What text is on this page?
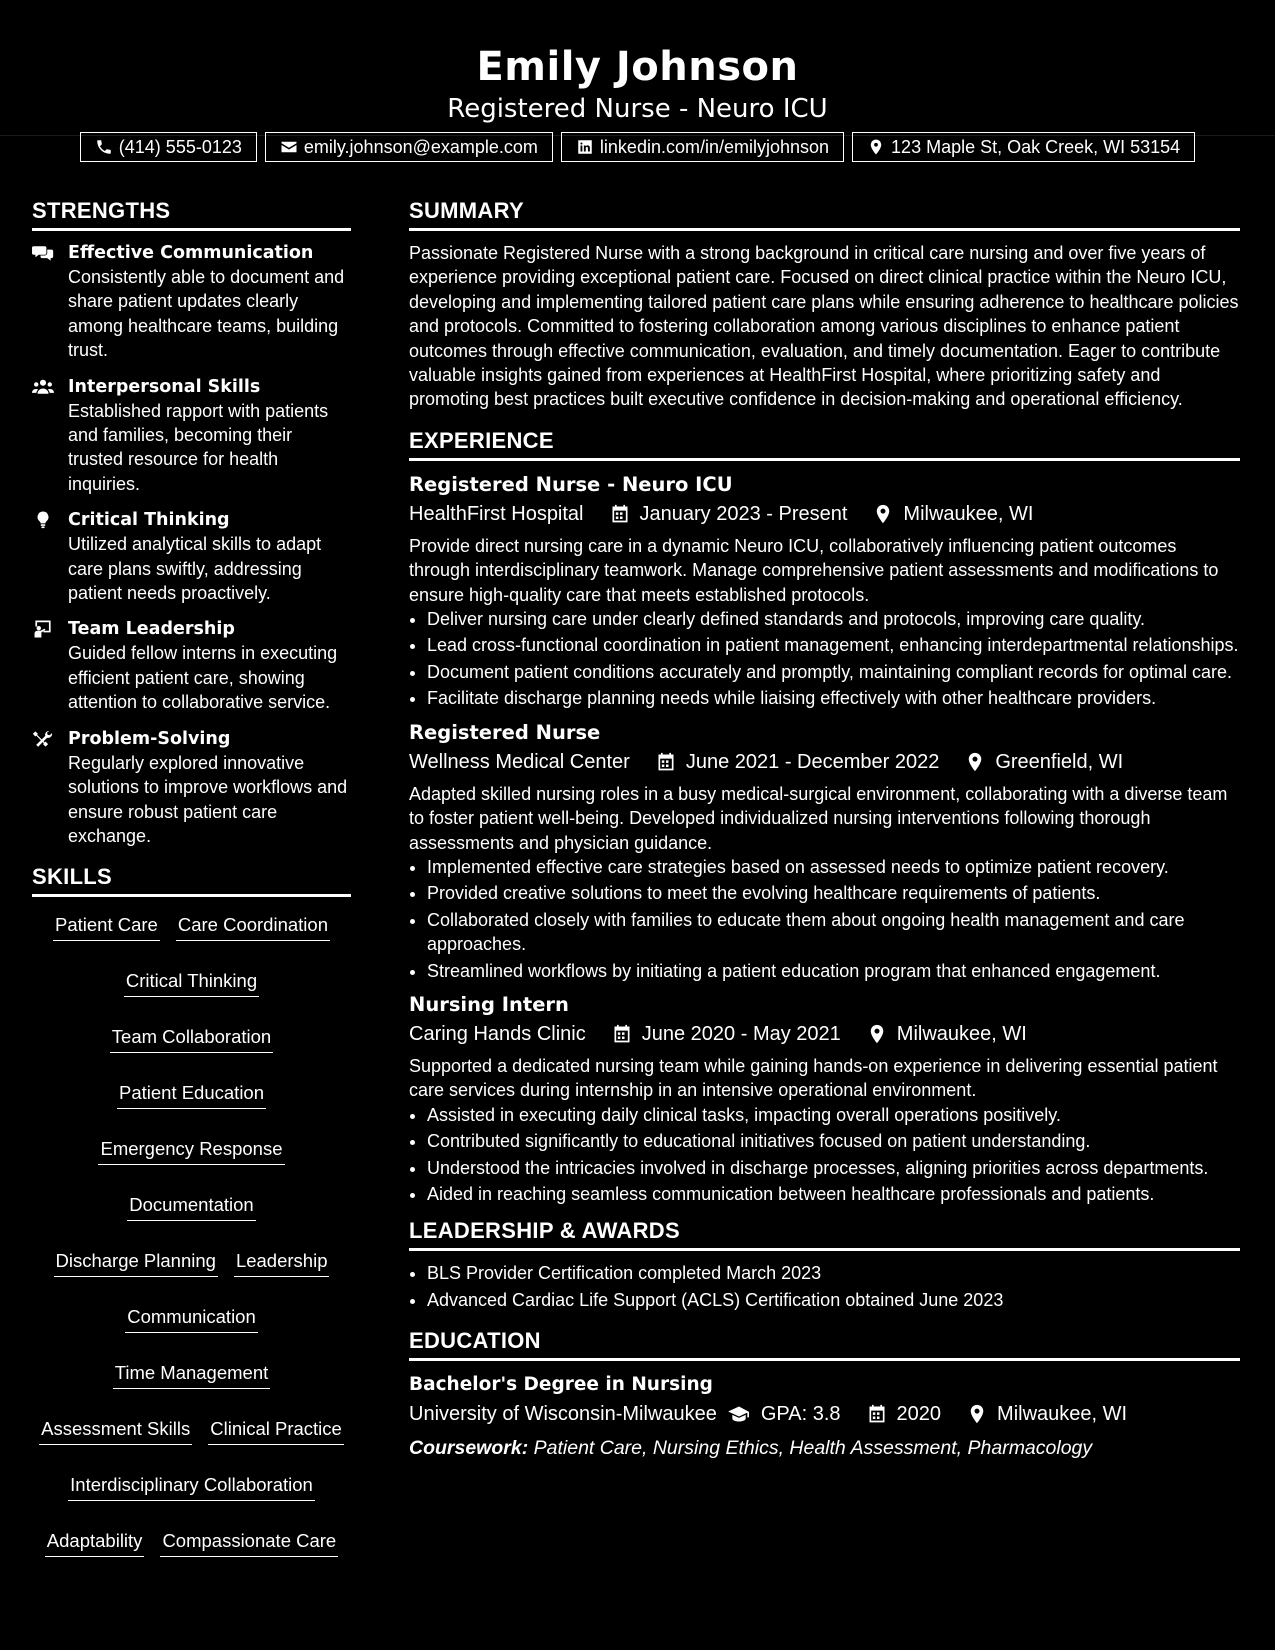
Emily Johnson
Registered Nurse - Neuro ICU
(414) 555-0123	emily.johnson@example.com	linkedin.com/in/emilyjohnson	123 Maple St, Oak Creek, WI 53154
STRENGTHS
Effective Communication
Consistently able to document and share patient updates clearly among healthcare teams, building trust.
Interpersonal Skills
Established rapport with patients and families, becoming their trusted resource for health inquiries.
Critical Thinking
Utilized analytical skills to adapt care plans swiftly, addressing patient needs proactively.
Team Leadership
Guided fellow interns in executing efficient patient care, showing attention to collaborative service.
Problem-Solving
Regularly explored innovative solutions to improve workflows and ensure robust patient care exchange.
SKILLS
Patient Care Care Coordination
Critical Thinking
Team Collaboration
Patient Education
Emergency Response
Documentation
Discharge Planning Leadership
Communication
Time Management
Assessment Skills Clinical Practice
Interdisciplinary Collaboration
Adaptability Compassionate Care
SUMMARY
Passionate Registered Nurse with a strong background in critical care nursing and over five years of experience providing exceptional patient care. Focused on direct clinical practice within the Neuro ICU, developing and implementing tailored patient care plans while ensuring adherence to healthcare policies and protocols. Committed to fostering collaboration among various disciplines to enhance patient outcomes through effective communication, evaluation, and timely documentation. Eager to contribute valuable insights gained from experiences at HealthFirst Hospital, where prioritizing safety and promoting best practices built executive confidence in decision-making and operational efficiency.
EXPERIENCE
Registered Nurse - Neuro ICU
HealthFirst Hospital	January 2023 - Present	Milwaukee, WI
Provide direct nursing care in a dynamic Neuro ICU, collaboratively influencing patient outcomes through interdisciplinary teamwork. Manage comprehensive patient assessments and modifications to ensure high-quality care that meets established protocols.
• Deliver nursing care under clearly defined standards and protocols, improving care quality.
• Lead cross-functional coordination in patient management, enhancing interdepartmental relationships.
• Document patient conditions accurately and promptly, maintaining compliant records for optimal care.
• Facilitate discharge planning needs while liaising effectively with other healthcare providers.
Registered Nurse
Wellness Medical Center	June 2021 - December 2022	Greenfield, WI
Adapted skilled nursing roles in a busy medical-surgical environment, collaborating with a diverse team to foster patient well-being. Developed individualized nursing interventions following thorough assessments and physician guidance.
• Implemented effective care strategies based on assessed needs to optimize patient recovery.
• Provided creative solutions to meet the evolving healthcare requirements of patients.
• Collaborated closely with families to educate them about ongoing health management and care approaches.
• Streamlined workflows by initiating a patient education program that enhanced engagement.
Nursing Intern
Caring Hands Clinic	June 2020 - May 2021	Milwaukee, WI
Supported a dedicated nursing team while gaining hands-on experience in delivering essential patient care services during internship in an intensive operational environment.
• Assisted in executing daily clinical tasks, impacting overall operations positively.
• Contributed significantly to educational initiatives focused on patient understanding.
• Understood the intricacies involved in discharge processes, aligning priorities across departments.
• Aided in reaching seamless communication between healthcare professionals and patients.
LEADERSHIP & AWARDS
• BLS Provider Certification completed March 2023
• Advanced Cardiac Life Support (ACLS) Certification obtained June 2023
EDUCATION
Bachelor's Degree in Nursing
University of Wisconsin-Milwaukee GPA: 3.8	2020	Milwaukee, WI
Coursework: Patient Care, Nursing Ethics, Health Assessment, Pharmacology
